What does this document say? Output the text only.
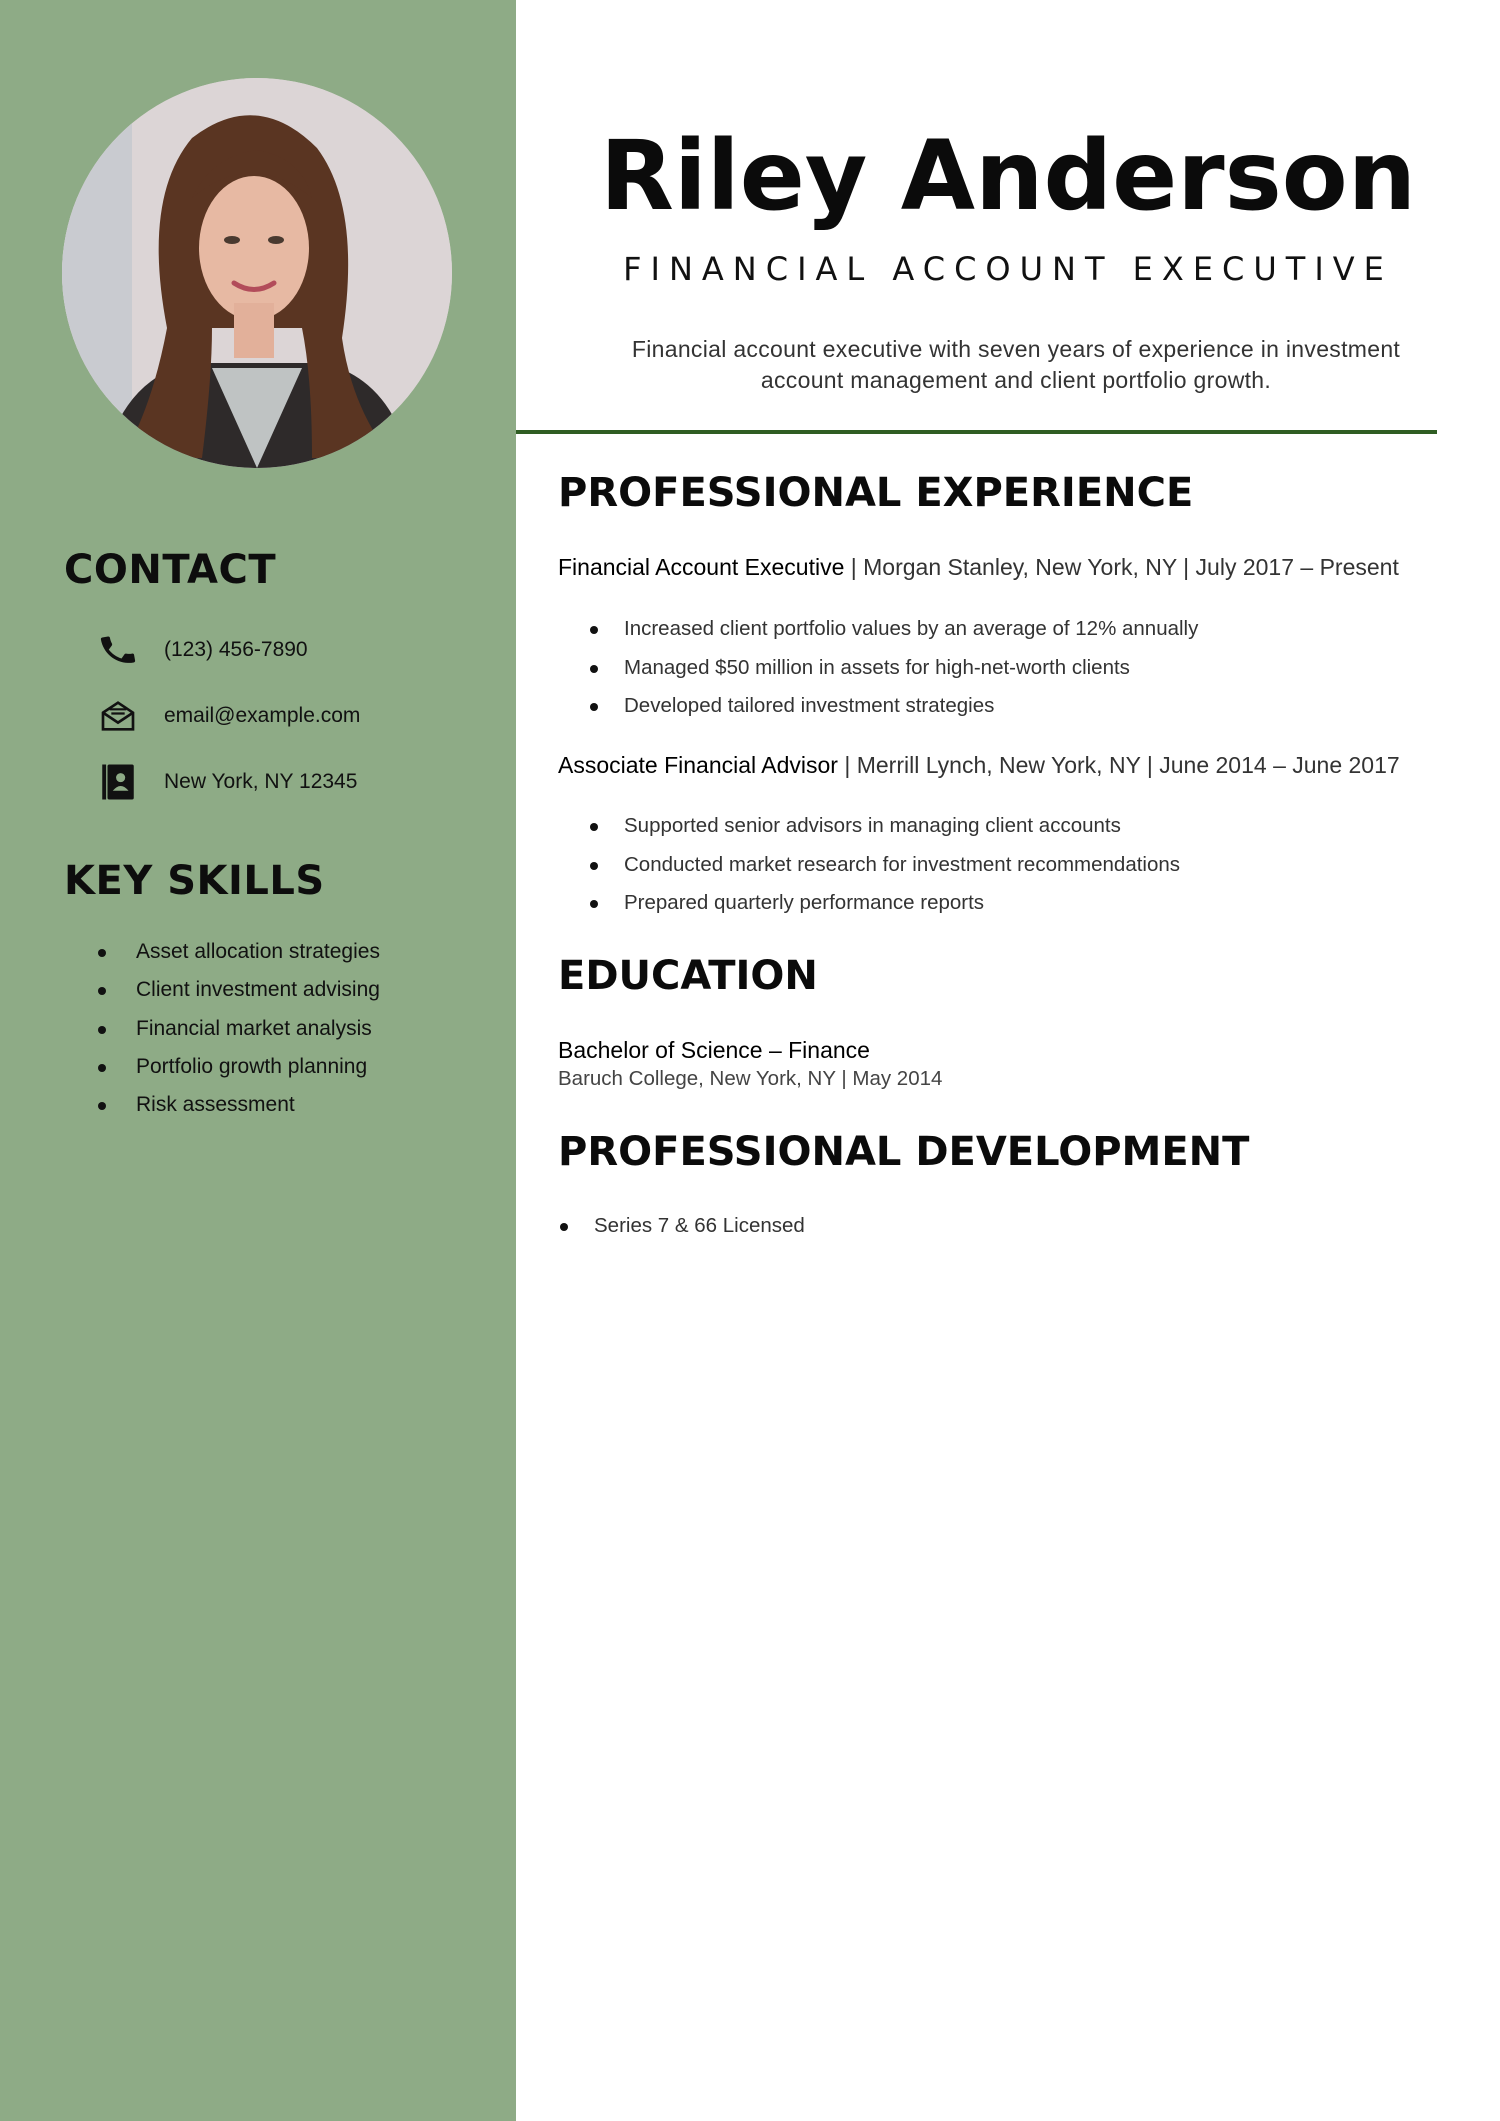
CONTACT
(123) 456-7890
email@example.com
New York, NY 12345
KEY SKILLS
Asset allocation strategies
Client investment advising
Financial market analysis
Portfolio growth planning
Risk assessment
Riley Anderson
FINANCIAL ACCOUNT EXECUTIVE
Financial account executive with seven years of experience in investment account management and client portfolio growth.
PROFESSIONAL EXPERIENCE
Financial Account Executive | Morgan Stanley, New York, NY | July 2017 – Present
Increased client portfolio values by an average of 12% annually
Managed $50 million in assets for high-net-worth clients
Developed tailored investment strategies
Associate Financial Advisor | Merrill Lynch, New York, NY | June 2014 – June 2017
Supported senior advisors in managing client accounts
Conducted market research for investment recommendations
Prepared quarterly performance reports
EDUCATION
Bachelor of Science – Finance
Baruch College, New York, NY | May 2014
PROFESSIONAL DEVELOPMENT
Series 7 & 66 Licensed
